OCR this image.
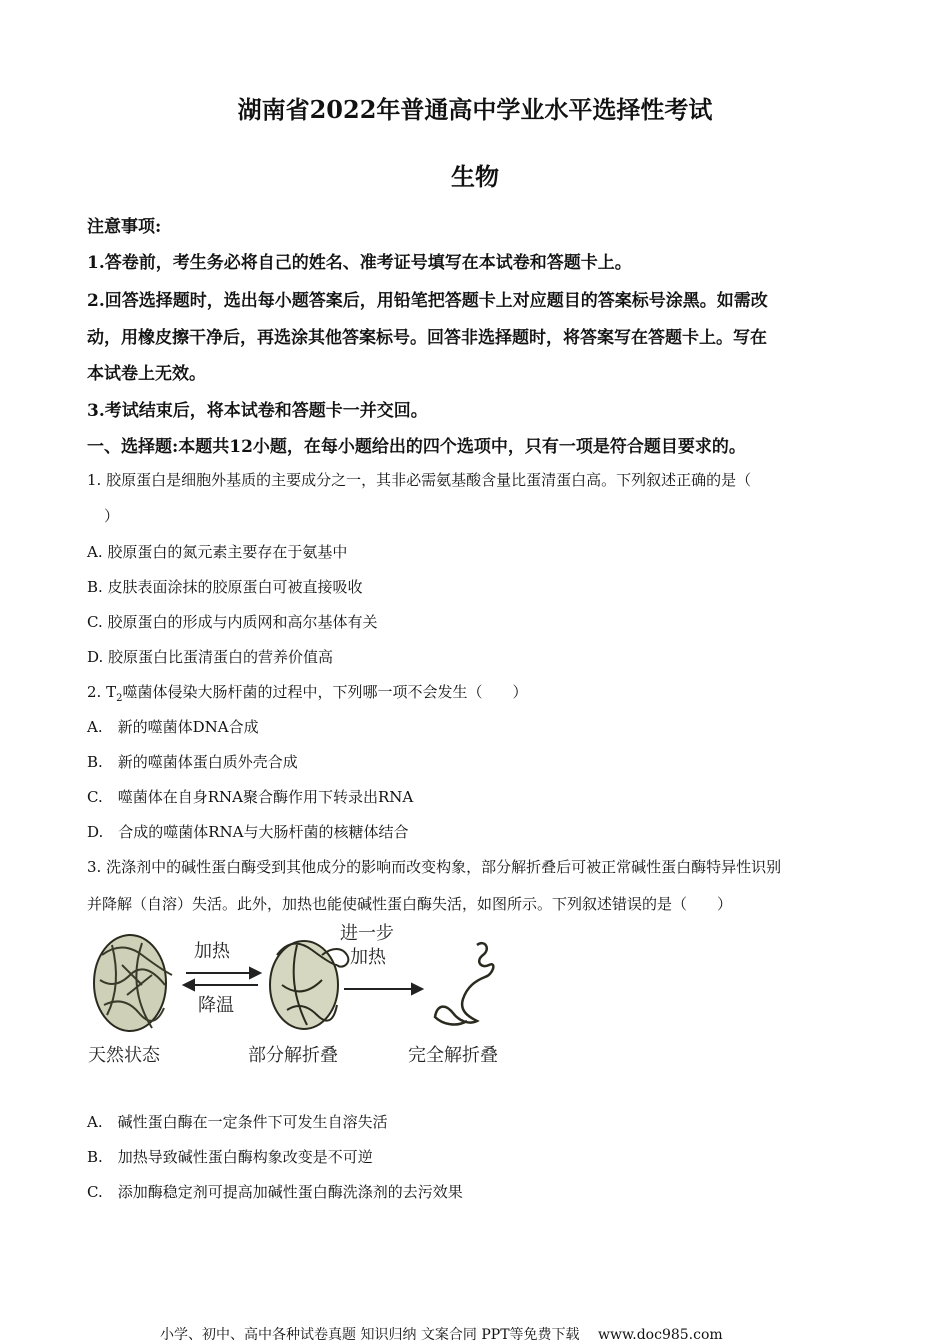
湖南省2022年普通高中学业水平选择性考试
生物
注意事项:
1.答卷前，考生务必将自己的姓名、准考证号填写在本试卷和答题卡上。
2.回答选择题时，选出每小题答案后，用铅笔把答题卡上对应题目的答案标号涂黑。如需改
动，用橡皮擦干净后，再选涂其他答案标号。回答非选择题时，将答案写在答题卡上。写在
本试卷上无效。
3.考试结束后，将本试卷和答题卡一并交回。
一、选择题:本题共12小题，在每小题给出的四个选项中，只有一项是符合题目要求的。
1. 胶原蛋白是细胞外基质的主要成分之一，其非必需氨基酸含量比蛋清蛋白高。下列叙述正确的是（
）
A. 胶原蛋白的氮元素主要存在于氨基中
B. 皮肤表面涂抹的胶原蛋白可被直接吸收
C. 胶原蛋白的形成与内质网和高尔基体有关
D. 胶原蛋白比蛋清蛋白的营养价值高
2. $T_2$噬菌体侵染大肠杆菌的过程中，下列哪一项不会发生（　　）
A.　新的噬菌体DNA合成
B.　新的噬菌体蛋白质外壳合成
C.　噬菌体在自身RNA聚合酶作用下转录出RNA
D.　合成的噬菌体RNA与大肠杆菌的核糖体结合
3. 洗涤剂中的碱性蛋白酶受到其他成分的影响而改变构象，部分解折叠后可被正常碱性蛋白酶特异性识别
并降解（自溶）失活。此外，加热也能使碱性蛋白酶失活，如图所示。下列叙述错误的是（　　）
加热
降温
进一步
加热
天然状态	部分解折叠	完全解折叠
A.　碱性蛋白酶在一定条件下可发生自溶失活
B.　加热导致碱性蛋白酶构象改变是不可逆
C.　添加酶稳定剂可提高加碱性蛋白酶洗涤剂的去污效果
小学、初中、高中各种试卷真题 知识归纳 文案合同 PPT等免费下载　 www.doc985.com
